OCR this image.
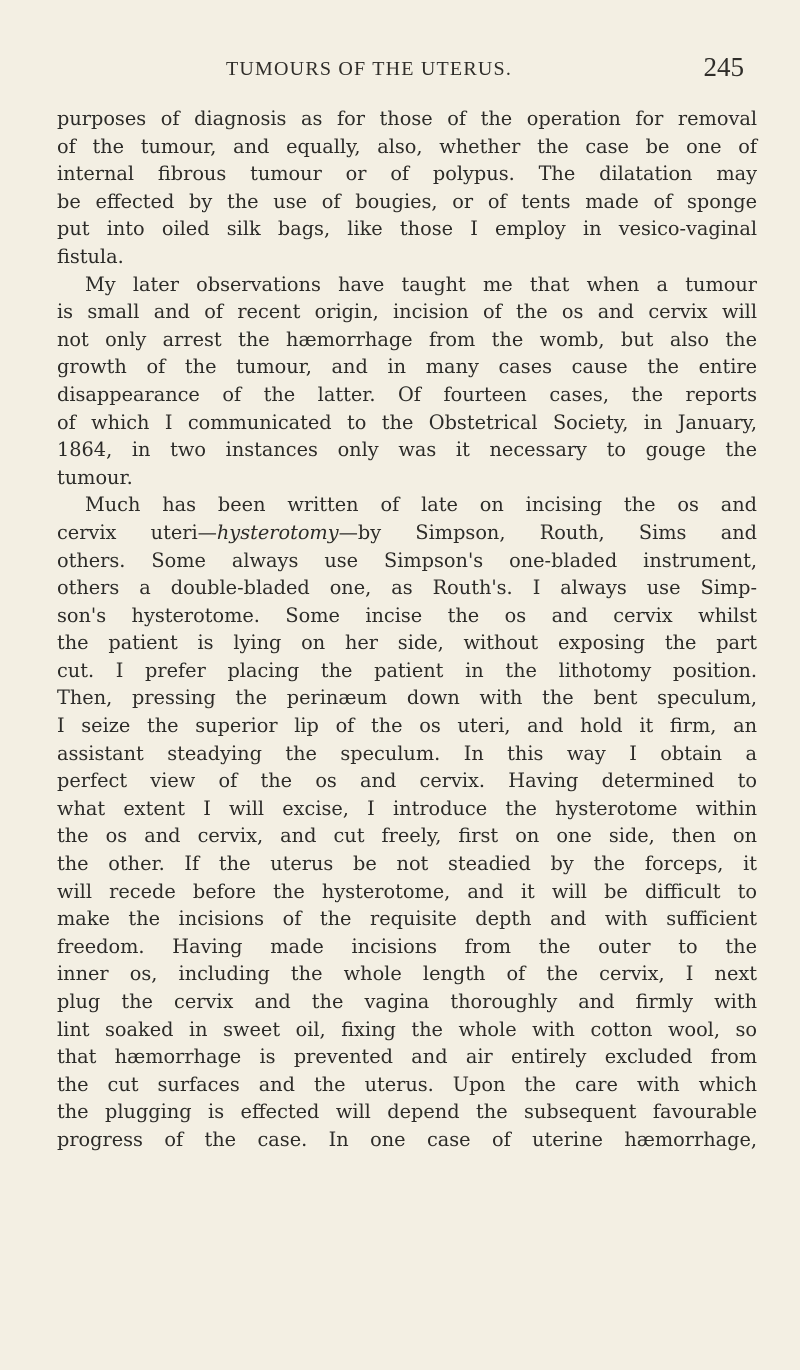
TUMOURS OF THE UTERUS.	245

purposes of diagnosis as for those of the operation for removal
of the tumour, and equally, also, whether the case be one of
internal fibrous tumour or of polypus. The dilatation may
be effected by the use of bougies, or of tents made of sponge
put into oiled silk bags, like those I employ in vesico-vaginal
fistula.

My later observations have taught me that when a tumour
is small and of recent origin, incision of the os and cervix will
not only arrest the hæmorrhage from the womb, but also the
growth of the tumour, and in many cases cause the entire
disappearance of the latter. Of fourteen cases, the reports
of which I communicated to the Obstetrical Society, in January,
1864, in two instances only was it necessary to gouge the
tumour.

Much has been written of late on incising the os and
cervix uteri—hysterotomy—by Simpson, Routh, Sims and
others. Some always use Simpson's one-bladed instrument,
others a double-bladed one, as Routh's. I always use Simp-
son's hysterotome. Some incise the os and cervix whilst
the patient is lying on her side, without exposing the part
cut. I prefer placing the patient in the lithotomy position.
Then, pressing the perinæum down with the bent speculum,
I seize the superior lip of the os uteri, and hold it firm, an
assistant steadying the speculum. In this way I obtain a
perfect view of the os and cervix. Having determined to
what extent I will excise, I introduce the hysterotome within
the os and cervix, and cut freely, first on one side, then on
the other. If the uterus be not steadied by the forceps, it
will recede before the hysterotome, and it will be difficult to
make the incisions of the requisite depth and with sufficient
freedom. Having made incisions from the outer to the
inner os, including the whole length of the cervix, I next
plug the cervix and the vagina thoroughly and firmly with
lint soaked in sweet oil, fixing the whole with cotton wool, so
that hæmorrhage is prevented and air entirely excluded from
the cut surfaces and the uterus. Upon the care with which
the plugging is effected will depend the subsequent favourable
progress of the case. In one case of uterine hæmorrhage,
